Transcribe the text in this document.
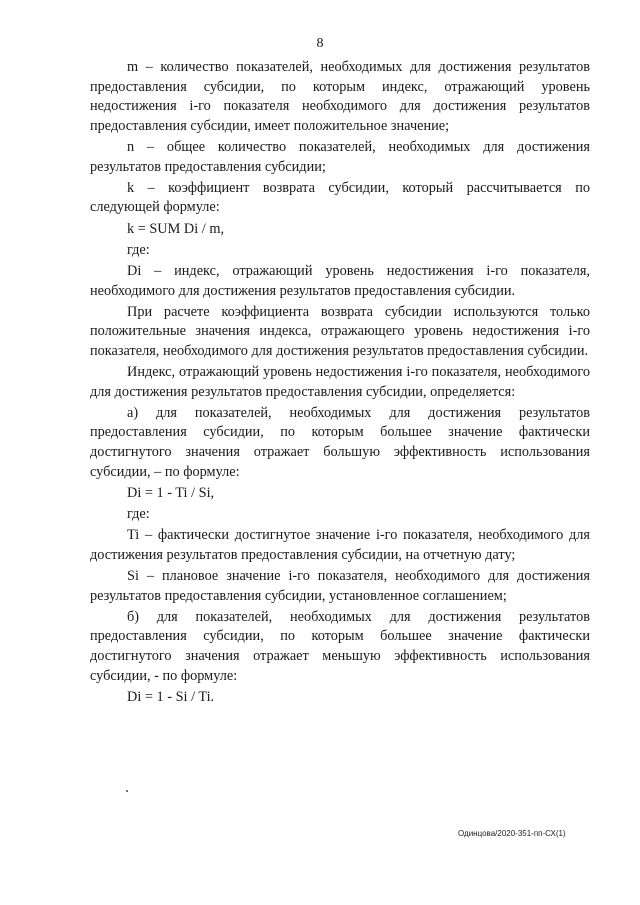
8

m – количество показателей, необходимых для достижения результатов предоставления субсидии, по которым индекс, отражающий уровень недостижения i-го показателя необходимого для достижения результатов предоставления субсидии, имеет положительное значение;

n – общее количество показателей, необходимых для достижения результатов предоставления субсидии;

k – коэффициент возврата субсидии, который рассчитывается по следующей формуле:

k = SUM Di / m,

где:

Di – индекс, отражающий уровень недостижения i-го показателя, необходимого для достижения результатов предоставления субсидии.

При расчете коэффициента возврата субсидии используются только положительные значения индекса, отражающего уровень недостижения i-го показателя, необходимого для достижения результатов предоставления субсидии.

Индекс, отражающий уровень недостижения i-го показателя, необходимого для достижения результатов предоставления субсидии, определяется:

а) для показателей, необходимых для достижения результатов предоставления субсидии, по которым большее значение фактически достигнутого значения отражает большую эффективность использования субсидии, – по формуле:

Di = 1 - Ti / Si,

где:

Ti – фактически достигнутое значение i-го показателя, необходимого для достижения результатов предоставления субсидии, на отчетную дату;

Si – плановое значение i-го показателя, необходимого для достижения результатов предоставления субсидии, установленное соглашением;

б) для показателей, необходимых для достижения результатов предоставления субсидии, по которым большее значение фактически достигнутого значения отражает меньшую эффективность использования субсидии, - по формуле:

Di = 1 - Si / Ti.

Одинцова/2020-351-пп-СХ(1)
